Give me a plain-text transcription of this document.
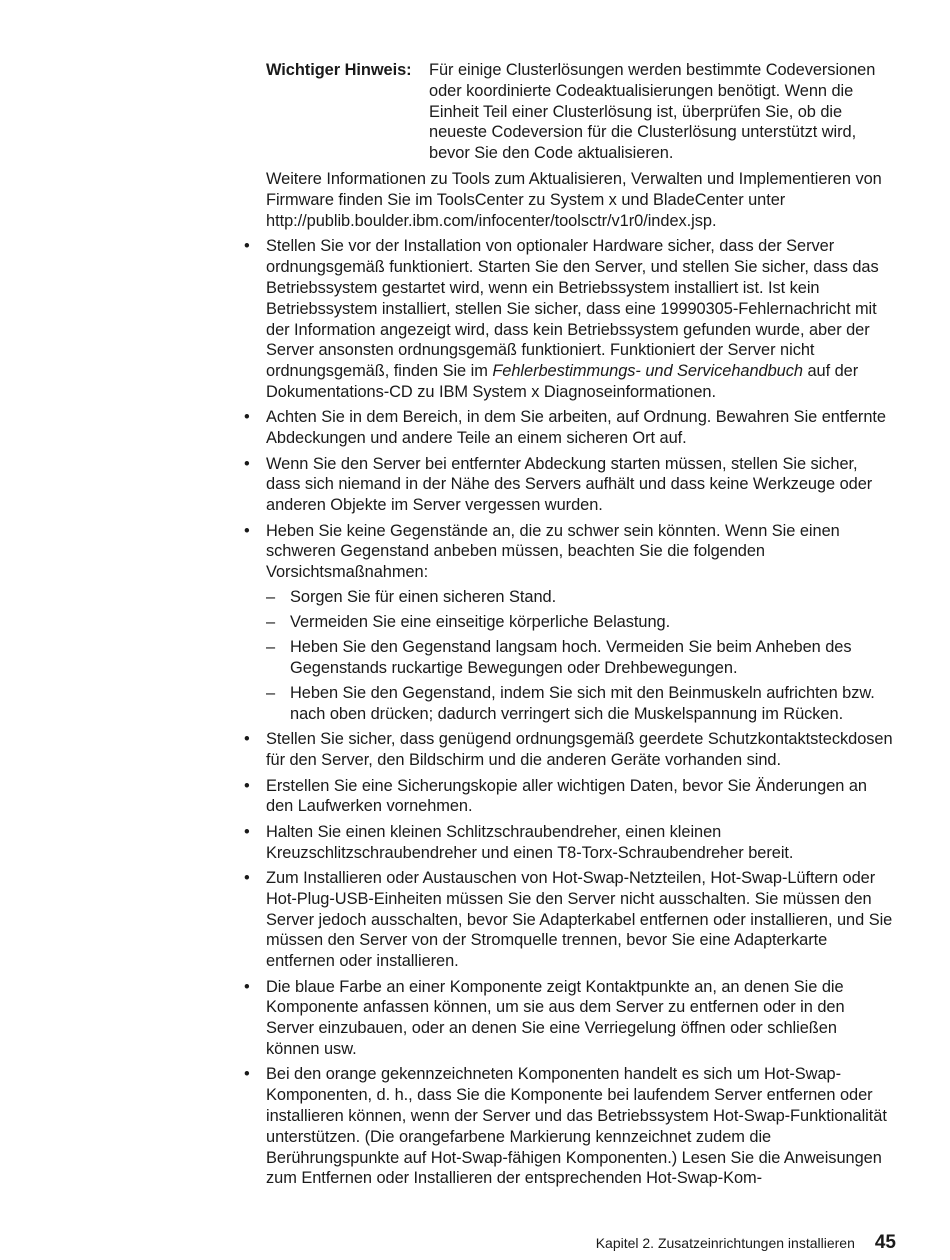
Wichtiger Hinweis:	Für einige Clusterlösungen werden bestimmte Codeversionen oder koordinierte Codeaktualisierungen benötigt. Wenn die Einheit Teil einer Clusterlösung ist, überprüfen Sie, ob die neueste Codeversion für die Clusterlösung unterstützt wird, bevor Sie den Code aktualisieren.

Weitere Informationen zu Tools zum Aktualisieren, Verwalten und Implementieren von Firmware finden Sie im ToolsCenter zu System x und BladeCenter unter http://publib.boulder.ibm.com/infocenter/toolsctr/v1r0/index.jsp.

• Stellen Sie vor der Installation von optionaler Hardware sicher, dass der Server ordnungsgemäß funktioniert. Starten Sie den Server, und stellen Sie sicher, dass das Betriebssystem gestartet wird, wenn ein Betriebssystem installiert ist. Ist kein Betriebssystem installiert, stellen Sie sicher, dass eine 19990305-Fehlernachricht mit der Information angezeigt wird, dass kein Betriebssystem gefunden wurde, aber der Server ansonsten ordnungsgemäß funktioniert. Funktioniert der Server nicht ordnungsgemäß, finden Sie im Fehlerbestimmungs- und Servicehandbuch auf der Dokumentations-CD zu IBM System x Diagnoseinformationen.
• Achten Sie in dem Bereich, in dem Sie arbeiten, auf Ordnung. Bewahren Sie entfernte Abdeckungen und andere Teile an einem sicheren Ort auf.
• Wenn Sie den Server bei entfernter Abdeckung starten müssen, stellen Sie sicher, dass sich niemand in der Nähe des Servers aufhält und dass keine Werkzeuge oder anderen Objekte im Server vergessen wurden.
• Heben Sie keine Gegenstände an, die zu schwer sein könnten. Wenn Sie einen schweren Gegenstand anbeben müssen, beachten Sie die folgenden Vorsichtsmaßnahmen:
– Sorgen Sie für einen sicheren Stand.
– Vermeiden Sie eine einseitige körperliche Belastung.
– Heben Sie den Gegenstand langsam hoch. Vermeiden Sie beim Anheben des Gegenstands ruckartige Bewegungen oder Drehbewegungen.
– Heben Sie den Gegenstand, indem Sie sich mit den Beinmuskeln aufrichten bzw. nach oben drücken; dadurch verringert sich die Muskelspannung im Rücken.
• Stellen Sie sicher, dass genügend ordnungsgemäß geerdete Schutzkontaktsteckdosen für den Server, den Bildschirm und die anderen Geräte vorhanden sind.
• Erstellen Sie eine Sicherungskopie aller wichtigen Daten, bevor Sie Änderungen an den Laufwerken vornehmen.
• Halten Sie einen kleinen Schlitzschraubendreher, einen kleinen Kreuzschlitzschraubendreher und einen T8-Torx-Schraubendreher bereit.
• Zum Installieren oder Austauschen von Hot-Swap-Netzteilen, Hot-Swap-Lüftern oder Hot-Plug-USB-Einheiten müssen Sie den Server nicht ausschalten. Sie müssen den Server jedoch ausschalten, bevor Sie Adapterkabel entfernen oder installieren, und Sie müssen den Server von der Stromquelle trennen, bevor Sie eine Adapterkarte entfernen oder installieren.
• Die blaue Farbe an einer Komponente zeigt Kontaktpunkte an, an denen Sie die Komponente anfassen können, um sie aus dem Server zu entfernen oder in den Server einzubauen, oder an denen Sie eine Verriegelung öffnen oder schließen können usw.
• Bei den orange gekennzeichneten Komponenten handelt es sich um Hot-Swap-Komponenten, d. h., dass Sie die Komponente bei laufendem Server entfernen oder installieren können, wenn der Server und das Betriebssystem Hot-Swap-Funktionalität unterstützen. (Die orangefarbene Markierung kennzeichnet zudem die Berührungspunkte auf Hot-Swap-fähigen Komponenten.) Lesen Sie die Anweisungen zum Entfernen oder Installieren der entsprechenden Hot-Swap-Kom-
Kapitel 2. Zusatzeinrichtungen installieren 45
